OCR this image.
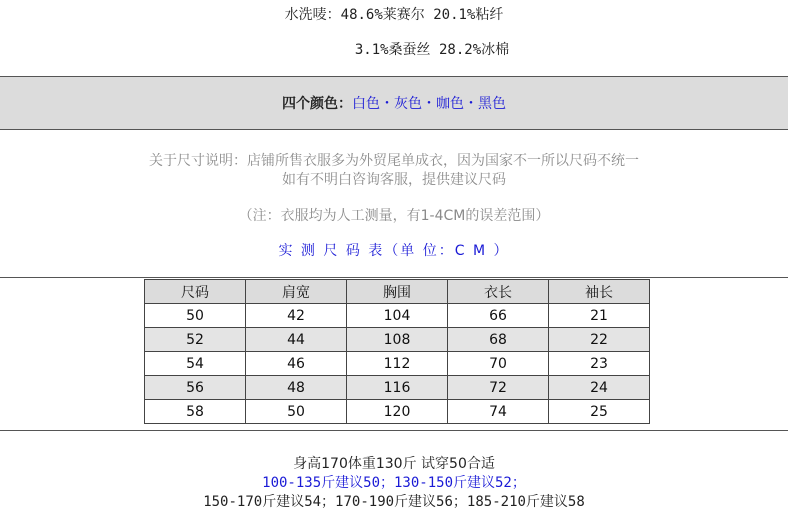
水洗唛：48.6%莱赛尔 20.1%粘纤
3.1%桑蚕丝 28.2%冰棉
四个颜色：白色・灰色・咖色・黑色
关于尺寸说明：店铺所售衣服多为外贸尾单成衣，因为国家不一所以尺码不统一
如有不明白咨询客服，提供建议尺码
（注：衣服均为人工测量，有1-4CM的误差范围）
实 测 尺 码 表（单 位：C M ）
尺码	肩宽	胸围	衣长	袖长
50	42	104	66	21
52	44	108	68	22
54	46	112	70	23
56	48	116	72	24
58	50	120	74	25
身高170体重130斤 试穿50合适
100-135斤建议50；130-150斤建议52；
150-170斤建议54；170-190斤建议56；185-210斤建议58
